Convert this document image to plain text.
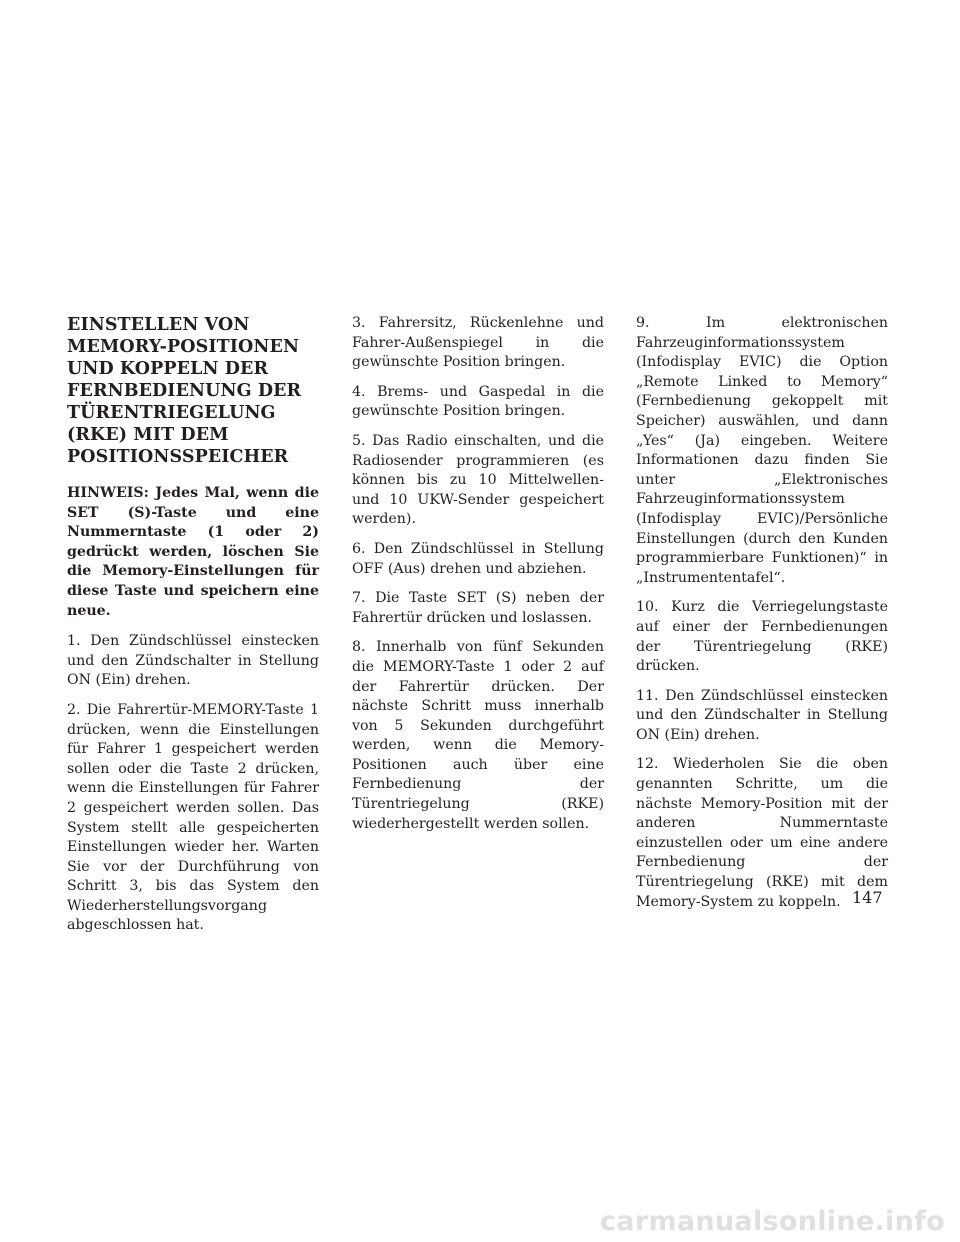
EINSTELLEN VON MEMORY-POSITIONEN UND KOPPELN DER FERNBEDIENUNG DER TÜRENTRIEGELUNG (RKE) MIT DEM POSITIONSSPEICHER

HINWEIS: Jedes Mal, wenn die SET (S)-Taste und eine Nummerntaste (1 oder 2) gedrückt werden, löschen Sie die Memory-Einstellungen für diese Taste und speichern eine neue.

1. Den Zündschlüssel einstecken und den Zündschalter in Stellung ON (Ein) drehen.

2. Die Fahrertür-MEMORY-Taste 1 drücken, wenn die Einstellungen für Fahrer 1 gespeichert werden sollen oder die Taste 2 drücken, wenn die Einstellungen für Fahrer 2 gespeichert werden sollen. Das System stellt alle gespeicherten Einstellungen wieder her. Warten Sie vor der Durchführung von Schritt 3, bis das System den Wiederherstellungsvorgang abgeschlossen hat.

3. Fahrersitz, Rückenlehne und Fahrer-Außenspiegel in die gewünschte Position bringen.

4. Brems- und Gaspedal in die gewünschte Position bringen.

5. Das Radio einschalten, und die Radiosender programmieren (es können bis zu 10 Mittelwellen- und 10 UKW-Sender gespeichert werden).

6. Den Zündschlüssel in Stellung OFF (Aus) drehen und abziehen.

7. Die Taste SET (S) neben der Fahrertür drücken und loslassen.

8. Innerhalb von fünf Sekunden die MEMORY-Taste 1 oder 2 auf der Fahrertür drücken. Der nächste Schritt muss innerhalb von 5 Sekunden durchgeführt werden, wenn die Memory-Positionen auch über eine Fernbedienung der Türentriegelung (RKE) wiederhergestellt werden sollen.

9. Im elektronischen Fahrzeuginformationssystem (Infodisplay EVIC) die Option „Remote Linked to Memory“ (Fernbedienung gekoppelt mit Speicher) auswählen, und dann „Yes“ (Ja) eingeben. Weitere Informationen dazu finden Sie unter „Elektronisches Fahrzeuginformationssystem (Infodisplay EVIC)/Persönliche Einstellungen (durch den Kunden programmierbare Funktionen)“ in „Instrumententafel“.

10. Kurz die Verriegelungstaste auf einer der Fernbedienungen der Türentriegelung (RKE) drücken.

11. Den Zündschlüssel einstecken und den Zündschalter in Stellung ON (Ein) drehen.

12. Wiederholen Sie die oben genannten Schritte, um die nächste Memory-Position mit der anderen Nummerntaste einzustellen oder um eine andere Fernbedienung der Türentriegelung (RKE) mit dem Memory-System zu koppeln. 147
carmanualsonline.info
